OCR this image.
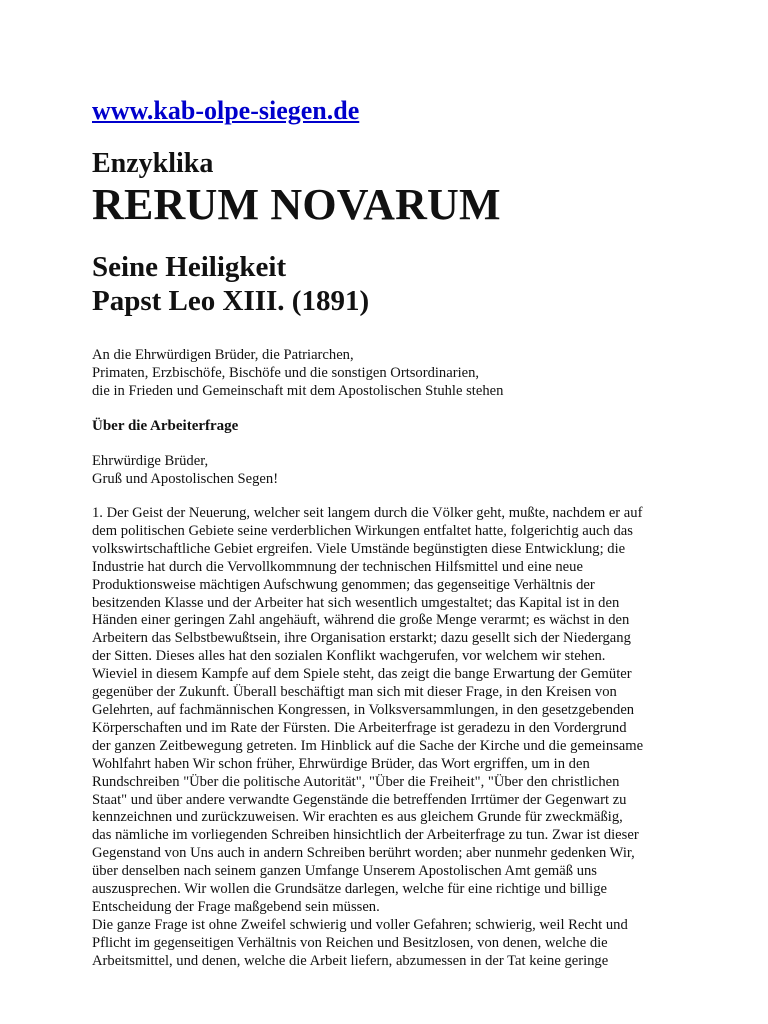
www.kab-olpe-siegen.de
Enzyklika
RERUM NOVARUM
Seine Heiligkeit
Papst Leo XIII. (1891)
An die Ehrwürdigen Brüder, die Patriarchen,
Primaten, Erzbischöfe, Bischöfe und die sonstigen Ortsordinarien,
die in Frieden und Gemeinschaft mit dem Apostolischen Stuhle stehen
Über die Arbeiterfrage
Ehrwürdige Brüder,
Gruß und Apostolischen Segen!
1. Der Geist der Neuerung, welcher seit langem durch die Völker geht, mußte, nachdem er auf
dem politischen Gebiete seine verderblichen Wirkungen entfaltet hatte, folgerichtig auch das
volkswirtschaftliche Gebiet ergreifen. Viele Umstände begünstigten diese Entwicklung; die
Industrie hat durch die Vervollkommnung der technischen Hilfsmittel und eine neue
Produktionsweise mächtigen Aufschwung genommen; das gegenseitige Verhältnis der
besitzenden Klasse und der Arbeiter hat sich wesentlich umgestaltet; das Kapital ist in den
Händen einer geringen Zahl angehäuft, während die große Menge verarmt; es wächst in den
Arbeitern das Selbstbewußtsein, ihre Organisation erstarkt; dazu gesellt sich der Niedergang
der Sitten. Dieses alles hat den sozialen Konflikt wachgerufen, vor welchem wir stehen.
Wieviel in diesem Kampfe auf dem Spiele steht, das zeigt die bange Erwartung der Gemüter
gegenüber der Zukunft. Überall beschäftigt man sich mit dieser Frage, in den Kreisen von
Gelehrten, auf fachmännischen Kongressen, in Volksversammlungen, in den gesetzgebenden
Körperschaften und im Rate der Fürsten. Die Arbeiterfrage ist geradezu in den Vordergrund
der ganzen Zeitbewegung getreten. Im Hinblick auf die Sache der Kirche und die gemeinsame
Wohlfahrt haben Wir schon früher, Ehrwürdige Brüder, das Wort ergriffen, um in den
Rundschreiben "Über die politische Autorität", "Über die Freiheit", "Über den christlichen
Staat" und über andere verwandte Gegenstände die betreffenden Irrtümer der Gegenwart zu
kennzeichnen und zurückzuweisen. Wir erachten es aus gleichem Grunde für zweckmäßig,
das nämliche im vorliegenden Schreiben hinsichtlich der Arbeiterfrage zu tun. Zwar ist dieser
Gegenstand von Uns auch in andern Schreiben berührt worden; aber nunmehr gedenken Wir,
über denselben nach seinem ganzen Umfange Unserem Apostolischen Amt gemäß uns
auszusprechen. Wir wollen die Grundsätze darlegen, welche für eine richtige und billige
Entscheidung der Frage maßgebend sein müssen.
Die ganze Frage ist ohne Zweifel schwierig und voller Gefahren; schwierig, weil Recht und
Pflicht im gegenseitigen Verhältnis von Reichen und Besitzlosen, von denen, welche die
Arbeitsmittel, und denen, welche die Arbeit liefern, abzumessen in der Tat keine geringe
